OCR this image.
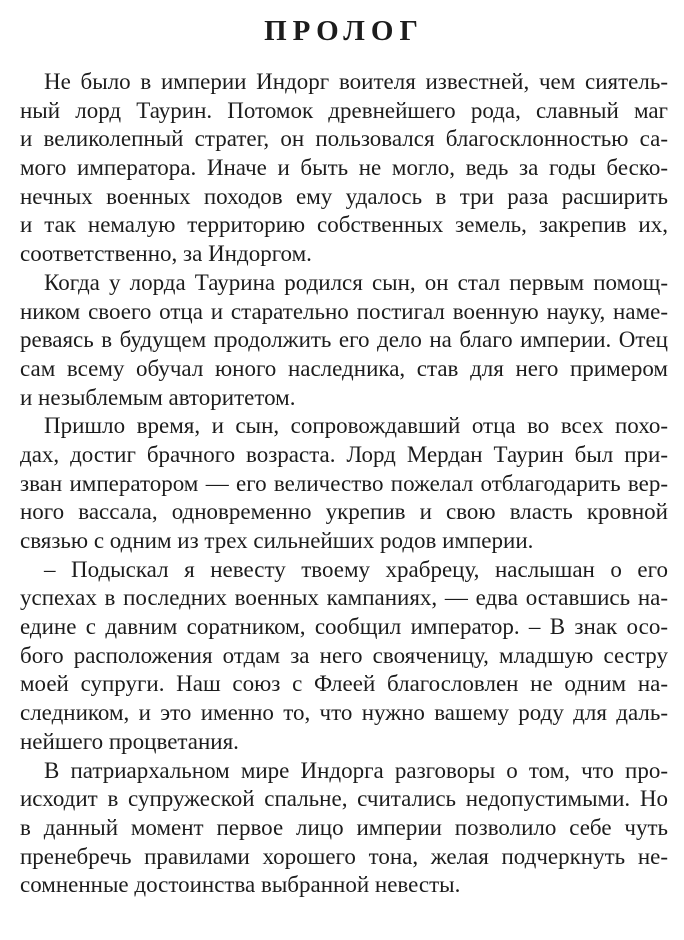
ПРОЛОГ
Не было в империи Индорг воителя известней, чем сиятель-
ный лорд Таурин. Потомок древнейшего рода, славный маг
и великолепный стратег, он пользовался благосклонностью са-
мого императора. Иначе и быть не могло, ведь за годы беско-
нечных военных походов ему удалось в три раза расширить
и так немалую территорию собственных земель, закрепив их,
соответственно, за Индоргом.
Когда у лорда Таурина родился сын, он стал первым помощ-
ником своего отца и старательно постигал военную науку, наме-
реваясь в будущем продолжить его дело на благо империи. Отец
сам всему обучал юного наследника, став для него примером
и незыблемым авторитетом.
Пришло время, и сын, сопровождавший отца во всех похо-
дах, достиг брачного возраста. Лорд Мердан Таурин был при-
зван императором — его величество пожелал отблагодарить вер-
ного вассала, одновременно укрепив и свою власть кровной
связью с одним из трех сильнейших родов империи.
– Подыскал я невесту твоему храбрецу, наслышан о его
успехах в последних военных кампаниях, — едва оставшись на-
едине с давним соратником, сообщил император. – В знак осо-
бого расположения отдам за него свояченицу, младшую сестру
моей супруги. Наш союз с Флеей благословлен не одним на-
следником, и это именно то, что нужно вашему роду для даль-
нейшего процветания.
В патриархальном мире Индорга разговоры о том, что про-
исходит в супружеской спальне, считались недопустимыми. Но
в данный момент первое лицо империи позволило себе чуть
пренебречь правилами хорошего тона, желая подчеркнуть не-
сомненные достоинства выбранной невесты.
